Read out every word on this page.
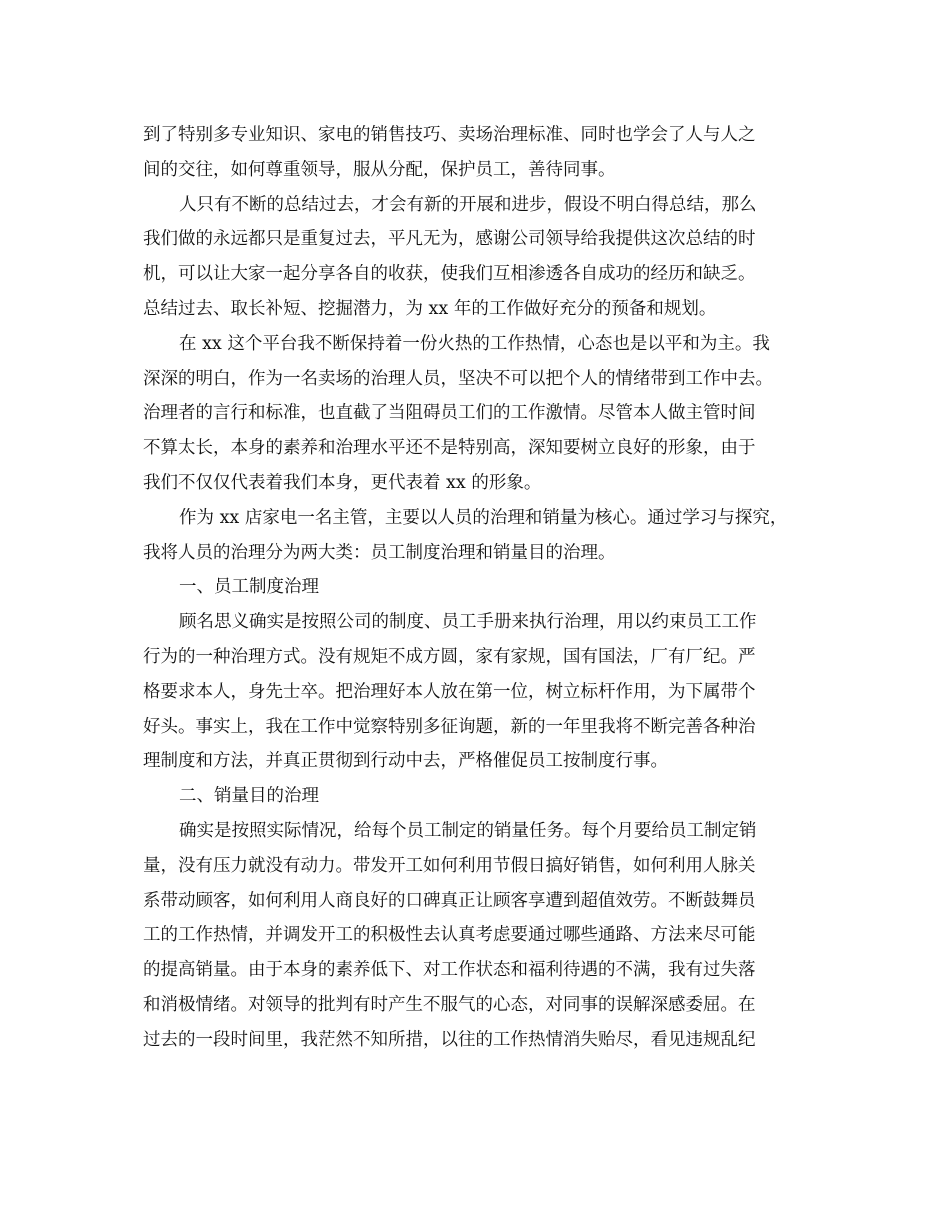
到了特别多专业知识、家电的销售技巧、卖场治理标准、同时也学会了人与人之
间的交往，如何尊重领导，服从分配，保护员工，善待同事。
人只有不断的总结过去，才会有新的开展和进步，假设不明白得总结，那么
我们做的永远都只是重复过去，平凡无为，感谢公司领导给我提供这次总结的时
机，可以让大家一起分享各自的收获，使我们互相渗透各自成功的经历和缺乏。
总结过去、取长补短、挖掘潜力，为 xx 年的工作做好充分的预备和规划。
在 xx 这个平台我不断保持着一份火热的工作热情，心态也是以平和为主。我
深深的明白，作为一名卖场的治理人员，坚决不可以把个人的情绪带到工作中去。
治理者的言行和标准，也直截了当阻碍员工们的工作激情。尽管本人做主管时间
不算太长，本身的素养和治理水平还不是特别高，深知要树立良好的形象，由于
我们不仅仅代表着我们本身，更代表着 xx 的形象。
作为 xx 店家电一名主管，主要以人员的治理和销量为核心。通过学习与探究，
我将人员的治理分为两大类：员工制度治理和销量目的治理。
一、员工制度治理
顾名思义确实是按照公司的制度、员工手册来执行治理，用以约束员工工作
行为的一种治理方式。没有规矩不成方圆，家有家规，国有国法，厂有厂纪。严
格要求本人，身先士卒。把治理好本人放在第一位，树立标杆作用，为下属带个
好头。事实上，我在工作中觉察特别多征询题，新的一年里我将不断完善各种治
理制度和方法，并真正贯彻到行动中去，严格催促员工按制度行事。
二、销量目的治理
确实是按照实际情况，给每个员工制定的销量任务。每个月要给员工制定销
量，没有压力就没有动力。带发开工如何利用节假日搞好销售，如何利用人脉关
系带动顾客，如何利用人商良好的口碑真正让顾客享遭到超值效劳。不断鼓舞员
工的工作热情，并调发开工的积极性去认真考虑要通过哪些通路、方法来尽可能
的提高销量。由于本身的素养低下、对工作状态和福利待遇的不满，我有过失落
和消极情绪。对领导的批判有时产生不服气的心态，对同事的误解深感委屈。在
过去的一段时间里，我茫然不知所措，以往的工作热情消失贻尽，看见违规乱纪
